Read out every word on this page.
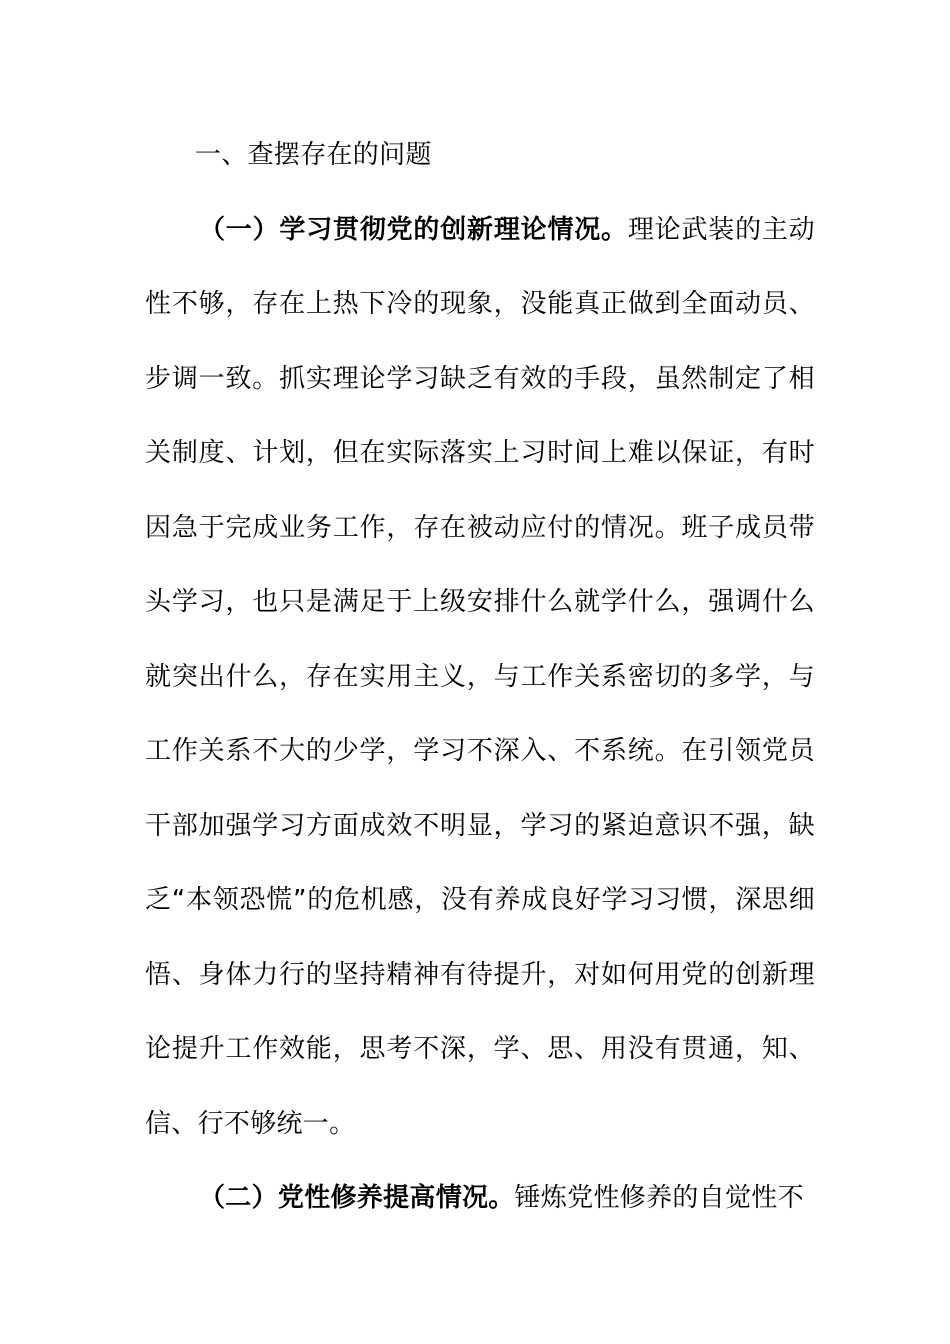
一、查摆存在的问题

（一）学习贯彻党的创新理论情况。理论武装的主动性不够，存在上热下冷的现象，没能真正做到全面动员、步调一致。抓实理论学习缺乏有效的手段，虽然制定了相关制度、计划，但在实际落实上习时间上难以保证，有时因急于完成业务工作，存在被动应付的情况。班子成员带头学习，也只是满足于上级安排什么就学什么，强调什么就突出什么，存在实用主义，与工作关系密切的多学，与工作关系不大的少学，学习不深入、不系统。在引领党员干部加强学习方面成效不明显，学习的紧迫意识不强，缺乏“本领恐慌”的危机感，没有养成良好学习习惯，深思细悟、身体力行的坚持精神有待提升，对如何用党的创新理论提升工作效能，思考不深，学、思、用没有贯通，知、信、行不够统一。

（二）党性修养提高情况。锤炼党性修养的自觉性不
